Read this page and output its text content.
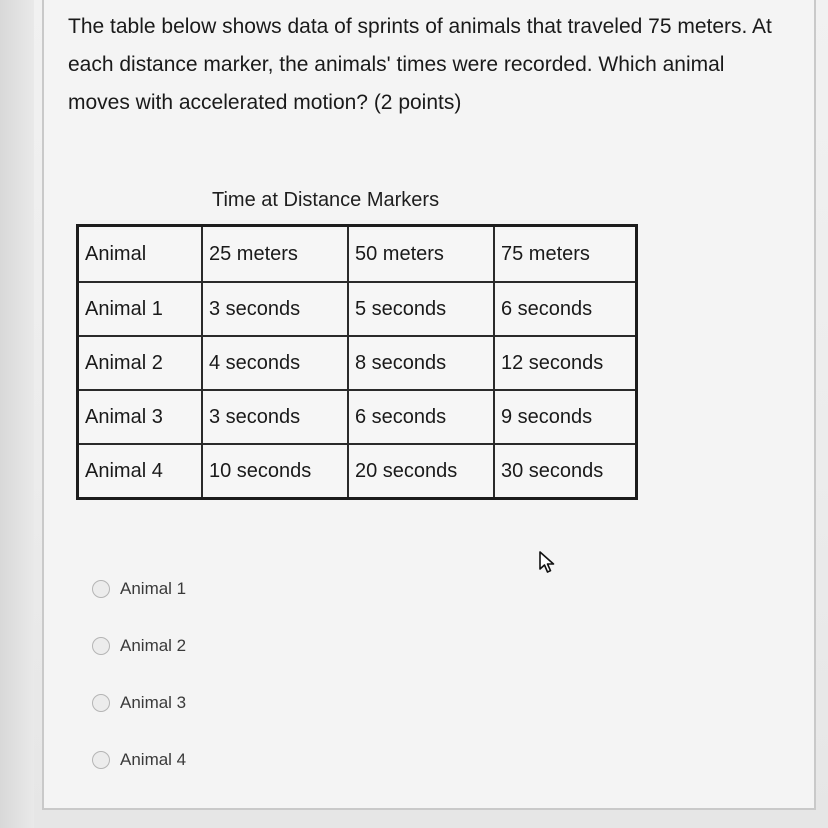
The table below shows data of sprints of animals that traveled 75 meters. At each distance marker, the animals' times were recorded. Which animal moves with accelerated motion? (2 points)

Time at Distance Markers
Animal	25 meters	50 meters	75 meters
Animal 1	3 seconds	5 seconds	6 seconds
Animal 2	4 seconds	8 seconds	12 seconds
Animal 3	3 seconds	6 seconds	9 seconds
Animal 4	10 seconds	20 seconds	30 seconds
Animal 1
Animal 2
Animal 3
Animal 4
